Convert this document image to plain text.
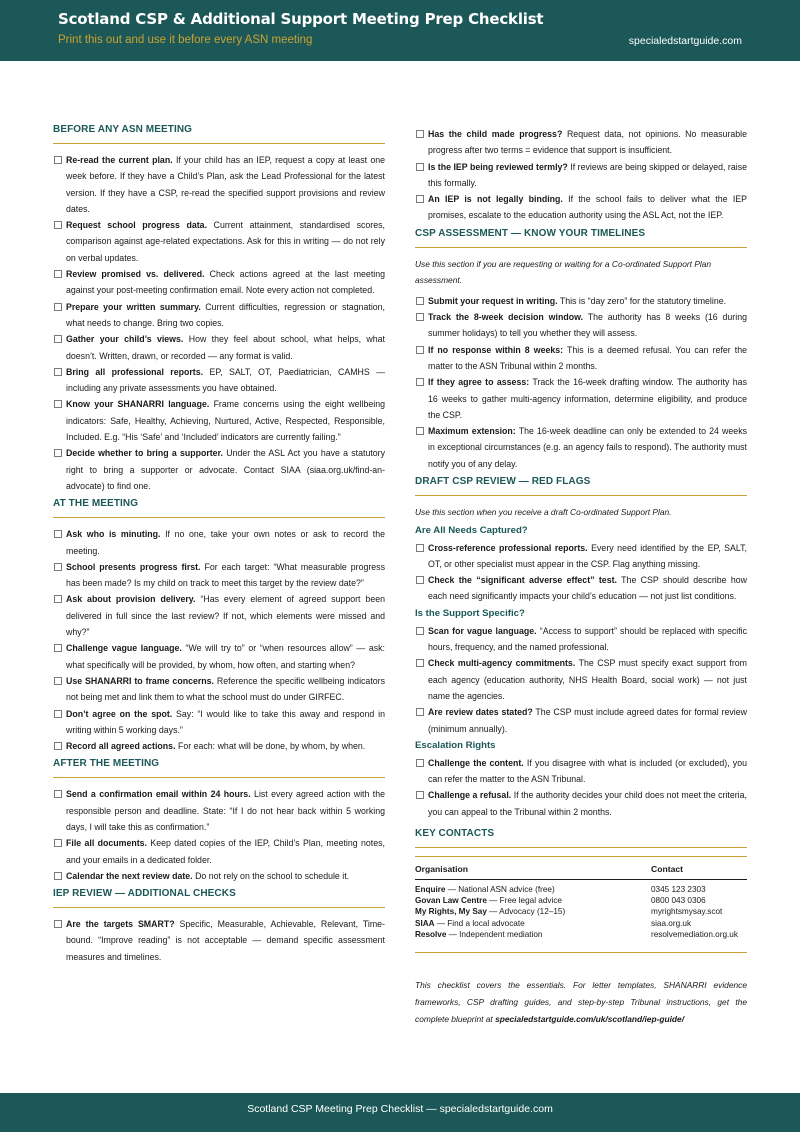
Scotland CSP & Additional Support Meeting Prep Checklist
Print this out and use it before every ASN meeting	specialedstartguide.com
BEFORE ANY ASN MEETING
Re-read the current plan. If your child has an IEP, request a copy at least one week before. If they have a Child’s Plan, ask the Lead Professional for the latest version. If they have a CSP, re-read the specified support provisions and review dates.
Request school progress data. Current attainment, standardised scores, comparison against age-related expectations. Ask for this in writing — do not rely on verbal updates.
Review promised vs. delivered. Check actions agreed at the last meeting against your post-meeting confirmation email. Note every action not completed.
Prepare your written summary. Current difficulties, regression or stagnation, what needs to change. Bring two copies.
Gather your child’s views. How they feel about school, what helps, what doesn’t. Written, drawn, or recorded — any format is valid.
Bring all professional reports. EP, SALT, OT, Paediatrician, CAMHS — including any private assessments you have obtained.
Know your SHANARRI language. Frame concerns using the eight wellbeing indicators: Safe, Healthy, Achieving, Nurtured, Active, Respected, Responsible, Included. E.g. “His ‘Safe’ and ‘Included’ indicators are currently failing.”
Decide whether to bring a supporter. Under the ASL Act you have a statutory right to bring a supporter or advocate. Contact SIAA (siaa.org.uk/find-an-advocate) to find one.
AT THE MEETING
Ask who is minuting. If no one, take your own notes or ask to record the meeting.
School presents progress first. For each target: “What measurable progress has been made? Is my child on track to meet this target by the review date?”
Ask about provision delivery. “Has every element of agreed support been delivered in full since the last review? If not, which elements were missed and why?”
Challenge vague language. “We will try to” or “when resources allow” — ask: what specifically will be provided, by whom, how often, and starting when?
Use SHANARRI to frame concerns. Reference the specific wellbeing indicators not being met and link them to what the school must do under GIRFEC.
Don’t agree on the spot. Say: “I would like to take this away and respond in writing within 5 working days.”
Record all agreed actions. For each: what will be done, by whom, by when.
AFTER THE MEETING
Send a confirmation email within 24 hours. List every agreed action with the responsible person and deadline. State: “If I do not hear back within 5 working days, I will take this as confirmation.”
File all documents. Keep dated copies of the IEP, Child’s Plan, meeting notes, and your emails in a dedicated folder.
Calendar the next review date. Do not rely on the school to schedule it.
IEP REVIEW — ADDITIONAL CHECKS
Are the targets SMART? Specific, Measurable, Achievable, Relevant, Time-bound. “Improve reading” is not acceptable — demand specific assessment measures and timelines.
Has the child made progress? Request data, not opinions. No measurable progress after two terms = evidence that support is insufficient.
Is the IEP being reviewed termly? If reviews are being skipped or delayed, raise this formally.
An IEP is not legally binding. If the school fails to deliver what the IEP promises, escalate to the education authority using the ASL Act, not the IEP.
CSP ASSESSMENT — KNOW YOUR TIMELINES
Use this section if you are requesting or waiting for a Co-ordinated Support Plan assessment.
Submit your request in writing. This is “day zero” for the statutory timeline.
Track the 8-week decision window. The authority has 8 weeks (16 during summer holidays) to tell you whether they will assess.
If no response within 8 weeks: This is a deemed refusal. You can refer the matter to the ASN Tribunal within 2 months.
If they agree to assess: Track the 16-week drafting window. The authority has 16 weeks to gather multi-agency information, determine eligibility, and produce the CSP.
Maximum extension: The 16-week deadline can only be extended to 24 weeks in exceptional circumstances (e.g. an agency fails to respond). The authority must notify you of any delay.
DRAFT CSP REVIEW — RED FLAGS
Use this section when you receive a draft Co-ordinated Support Plan.
Are All Needs Captured?
Cross-reference professional reports. Every need identified by the EP, SALT, OT, or other specialist must appear in the CSP. Flag anything missing.
Check the “significant adverse effect” test. The CSP should describe how each need significantly impacts your child’s education — not just list conditions.
Is the Support Specific?
Scan for vague language. “Access to support” should be replaced with specific hours, frequency, and the named professional.
Check multi-agency commitments. The CSP must specify exact support from each agency (education authority, NHS Health Board, social work) — not just name the agencies.
Are review dates stated? The CSP must include agreed dates for formal review (minimum annually).
Escalation Rights
Challenge the content. If you disagree with what is included (or excluded), you can refer the matter to the ASN Tribunal.
Challenge a refusal. If the authority decides your child does not meet the criteria, you can appeal to the Tribunal within 2 months.
KEY CONTACTS
Organisation	Contact
Enquire — National ASN advice (free)	0345 123 2303
Govan Law Centre — Free legal advice	0800 043 0306
My Rights, My Say — Advocacy (12–15)	myrightsmysay.scot
SIAA — Find a local advocate	siaa.org.uk
Resolve — Independent mediation	resolvemediation.org.uk
This checklist covers the essentials. For letter templates, SHANARRI evidence frameworks, CSP drafting guides, and step-by-step Tribunal instructions, get the complete blueprint at specialedstartguide.com/uk/scotland/iep-guide/
Scotland CSP Meeting Prep Checklist — specialedstartguide.com
